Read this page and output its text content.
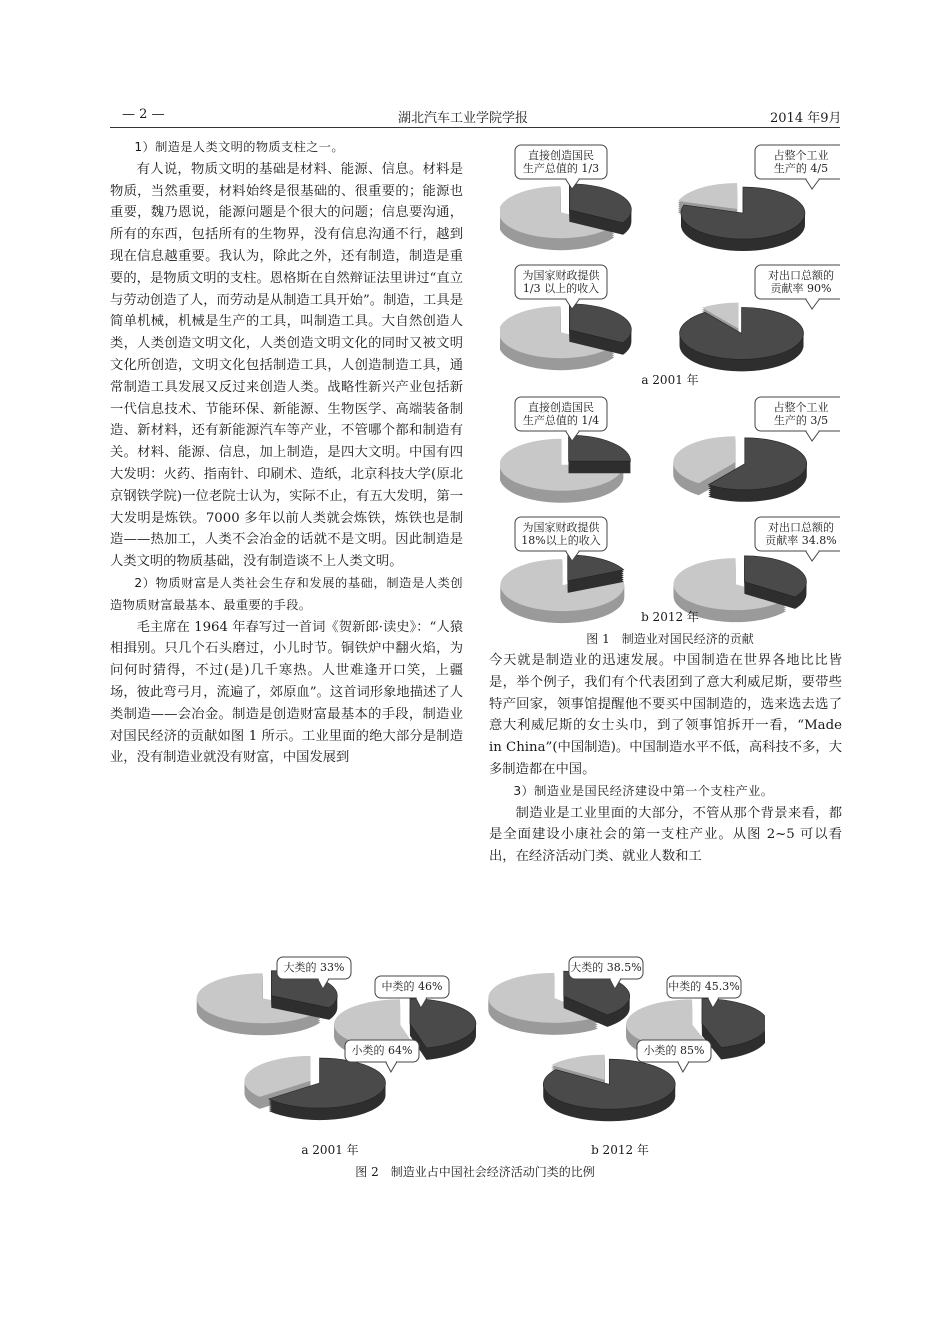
— 2 —	湖北汽车工业学院学报	2014 年9月

1）制造是人类文明的物质支柱之一。

有人说，物质文明的基础是材料、能源、信息。材料是物质，当然重要，材料始终是很基础的、很重要的；能源也重要，魏乃恩说，能源问题是个很大的问题；信息要沟通，所有的东西，包括所有的生物界，没有信息沟通不行，越到现在信息越重要。我认为，除此之外，还有制造，制造是重要的，是物质文明的支柱。恩格斯在自然辩证法里讲过“直立与劳动创造了人，而劳动是从制造工具开始”。制造，工具是简单机械，机械是生产的工具，叫制造工具。大自然创造人类，人类创造文明文化，人类创造文明文化的同时又被文明文化所创造，文明文化包括制造工具，人创造制造工具，通常制造工具发展又反过来创造人类。战略性新兴产业包括新一代信息技术、节能环保、新能源、生物医学、高端装备制造、新材料，还有新能源汽车等产业，不管哪个都和制造有关。材料、能源、信息，加上制造，是四大文明。中国有四大发明：火药、指南针、印刷术、造纸，北京科技大学(原北京钢铁学院)一位老院士认为，实际不止，有五大发明，第一大发明是炼铁。7000 多年以前人类就会炼铁，炼铁也是制造——热加工，人类不会冶金的话就不是文明。因此制造是人类文明的物质基础，没有制造谈不上人类文明。

2）物质财富是人类社会生存和发展的基础，制造是人类创造物质财富最基本、最重要的手段。

毛主席在 1964 年春写过一首词《贺新郎·读史》：“人猿相揖别。只几个石头磨过，小儿时节。铜铁炉中翻火焰，为问何时猜得，不过(是)几千寒热。人世难逢开口笑，上疆场，彼此弯弓月，流遍了，郊原血”。这首词形象地描述了人类制造——会冶金。制造是创造财富最基本的手段，制造业对国民经济的贡献如图 1 所示。工业里面的绝大部分是制造业，没有制造业就没有财富，中国发展到

今天就是制造业的迅速发展。中国制造在世界各地比比皆是，举个例子，我们有个代表团到了意大利威尼斯，要带些特产回家，领事馆提醒他不要买中国制造的，选来选去选了意大利威尼斯的女士头巾，到了领事馆拆开一看，“Made in China”(中国制造)。中国制造水平不低，高科技不多，大多制造都在中国。

3）制造业是国民经济建设中第一个支柱产业。

制造业是工业里面的大部分，不管从那个背景来看，都是全面建设小康社会的第一支柱产业。从图 2~5 可以看出，在经济活动门类、就业人数和工

直接创造国民
生产总值的 1/3
占整个工业
生产的 4/5
为国家财政提供
1/3 以上的收入
对出口总额的
贡献率 90%
直接创造国民
生产总值的 1/4
占整个工业
生产的 3/5
为国家财政提供
18%以上的收入
对出口总额的
贡献率 34.8%
a 2001 年
b 2012 年
图 1　制造业对国民经济的贡献
大类的 33%
中类的 46%
小类的 64%
大类的 38.5%
中类的 45.3%
小类的 85%
a 2001 年	b 2012 年
图 2　制造业占中国社会经济活动门类的比例
